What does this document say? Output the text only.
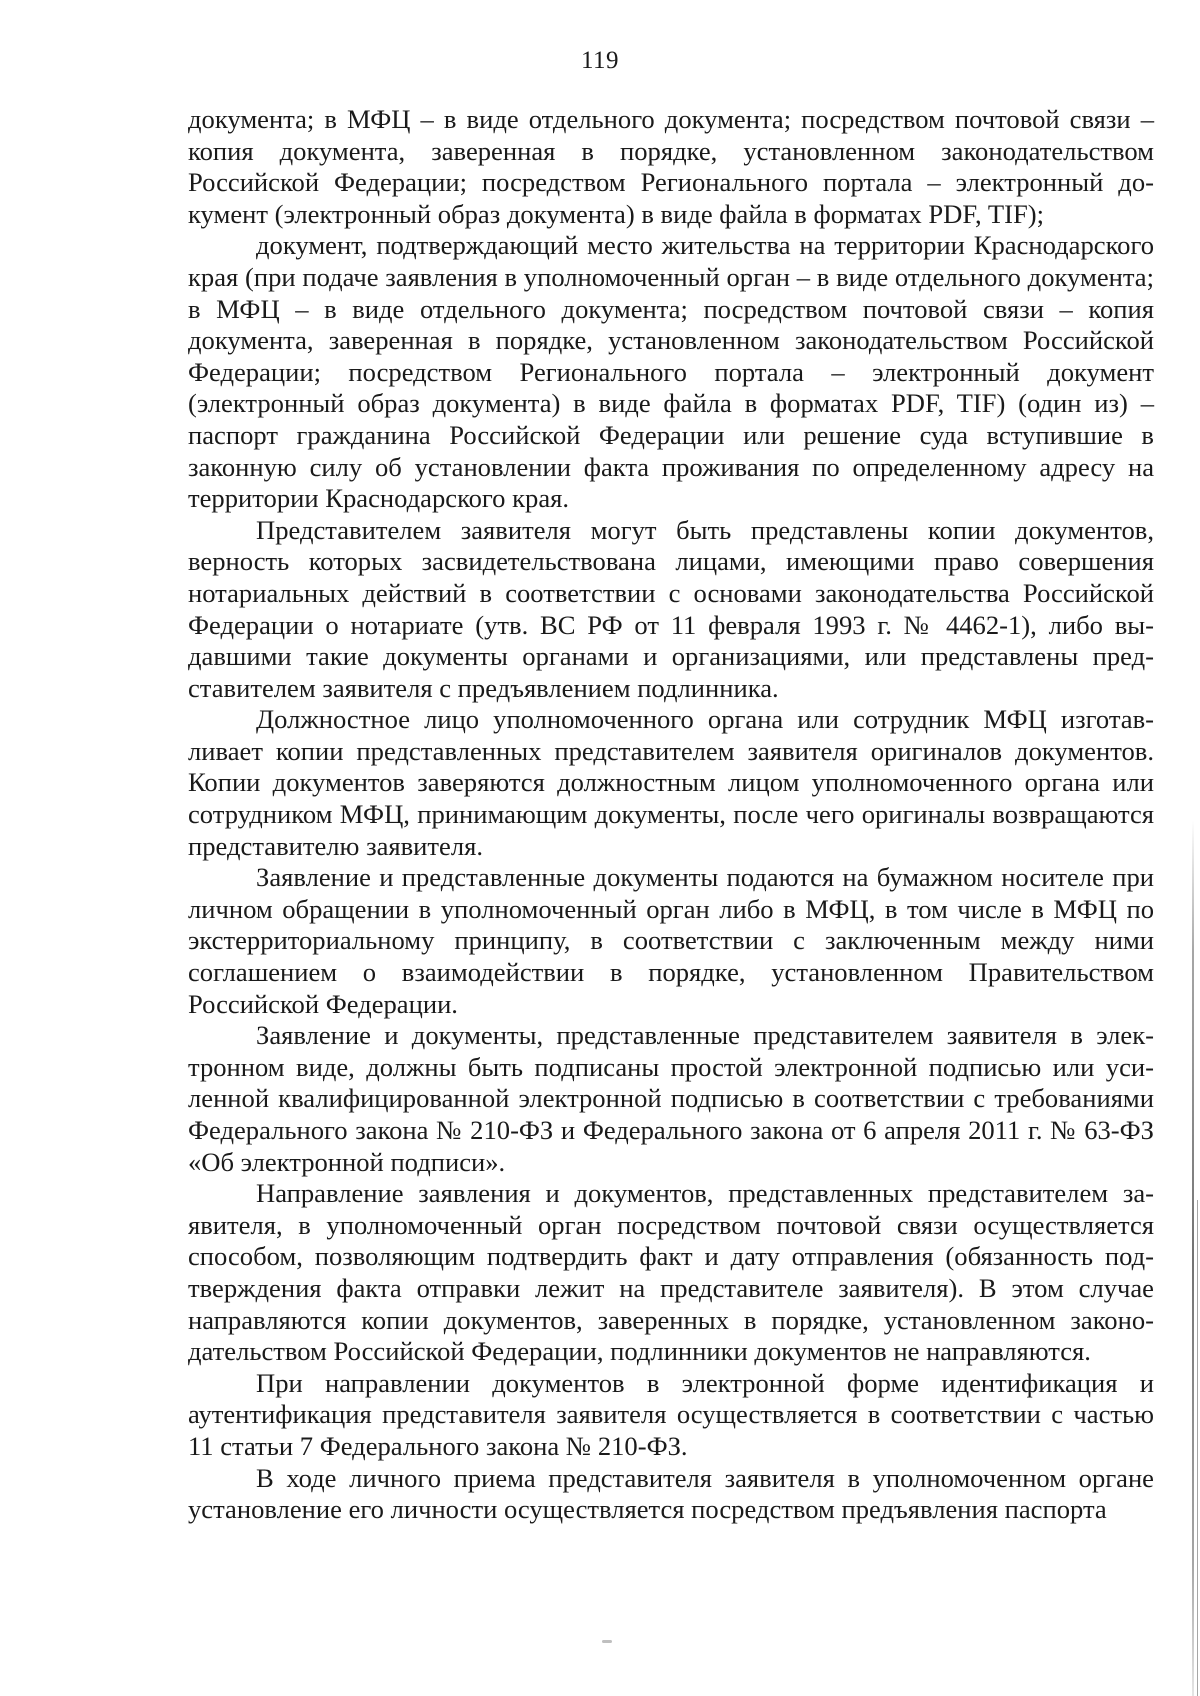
119

документа; в МФЦ – в виде отдельного документа; посредством почтовой связи – копия документа, заверенная в порядке, установленном законодательством Российской Федерации; посредством Регионального портала – электронный документ (электронный образ документа) в виде файла в форматах PDF, TIF);

документ, подтверждающий место жительства на территории Краснодарского края (при подаче заявления в уполномоченный орган – в виде отдельного документа; в МФЦ – в виде отдельного документа; посредством почтовой связи – копия документа, заверенная в порядке, установленном законодательством Российской Федерации; посредством Регионального портала – электронный документ (электронный образ документа) в виде файла в форматах PDF, TIF) (один из) – паспорт гражданина Российской Федерации или решение суда вступившие в законную силу об установлении факта проживания по определенному адресу на территории Краснодарского края.

Представителем заявителя могут быть представлены копии документов, верность которых засвидетельствована лицами, имеющими право совершения нотариальных действий в соответствии с основами законодательства Российской Федерации о нотариате (утв. ВС РФ от 11 февраля 1993 г. № 4462-1), либо выдавшими такие документы органами и организациями, или представлены представителем заявителя с предъявлением подлинника.

Должностное лицо уполномоченного органа или сотрудник МФЦ изготавливает копии представленных представителем заявителя оригиналов документов. Копии документов заверяются должностным лицом уполномоченного органа или сотрудником МФЦ, принимающим документы, после чего оригиналы возвращаются представителю заявителя.

Заявление и представленные документы подаются на бумажном носителе при личном обращении в уполномоченный орган либо в МФЦ, в том числе в МФЦ по экстерриториальному принципу, в соответствии с заключенным между ними соглашением о взаимодействии в порядке, установленном Правительством Российской Федерации.

Заявление и документы, представленные представителем заявителя в электронном виде, должны быть подписаны простой электронной подписью или усиленной квалифицированной электронной подписью в соответствии с требованиями Федерального закона № 210-ФЗ и Федерального закона от 6 апреля 2011 г. № 63-ФЗ «Об электронной подписи».

Направление заявления и документов, представленных представителем заявителя, в уполномоченный орган посредством почтовой связи осуществляется способом, позволяющим подтвердить факт и дату отправления (обязанность подтверждения факта отправки лежит на представителе заявителя). В этом случае направляются копии документов, заверенных в порядке, установленном законодательством Российской Федерации, подлинники документов не направляются.

При направлении документов в электронной форме идентификация и аутентификация представителя заявителя осуществляется в соответствии с частью 11 статьи 7 Федерального закона № 210-ФЗ.

В ходе личного приема представителя заявителя в уполномоченном органе установление его личности осуществляется посредством предъявления паспорта
